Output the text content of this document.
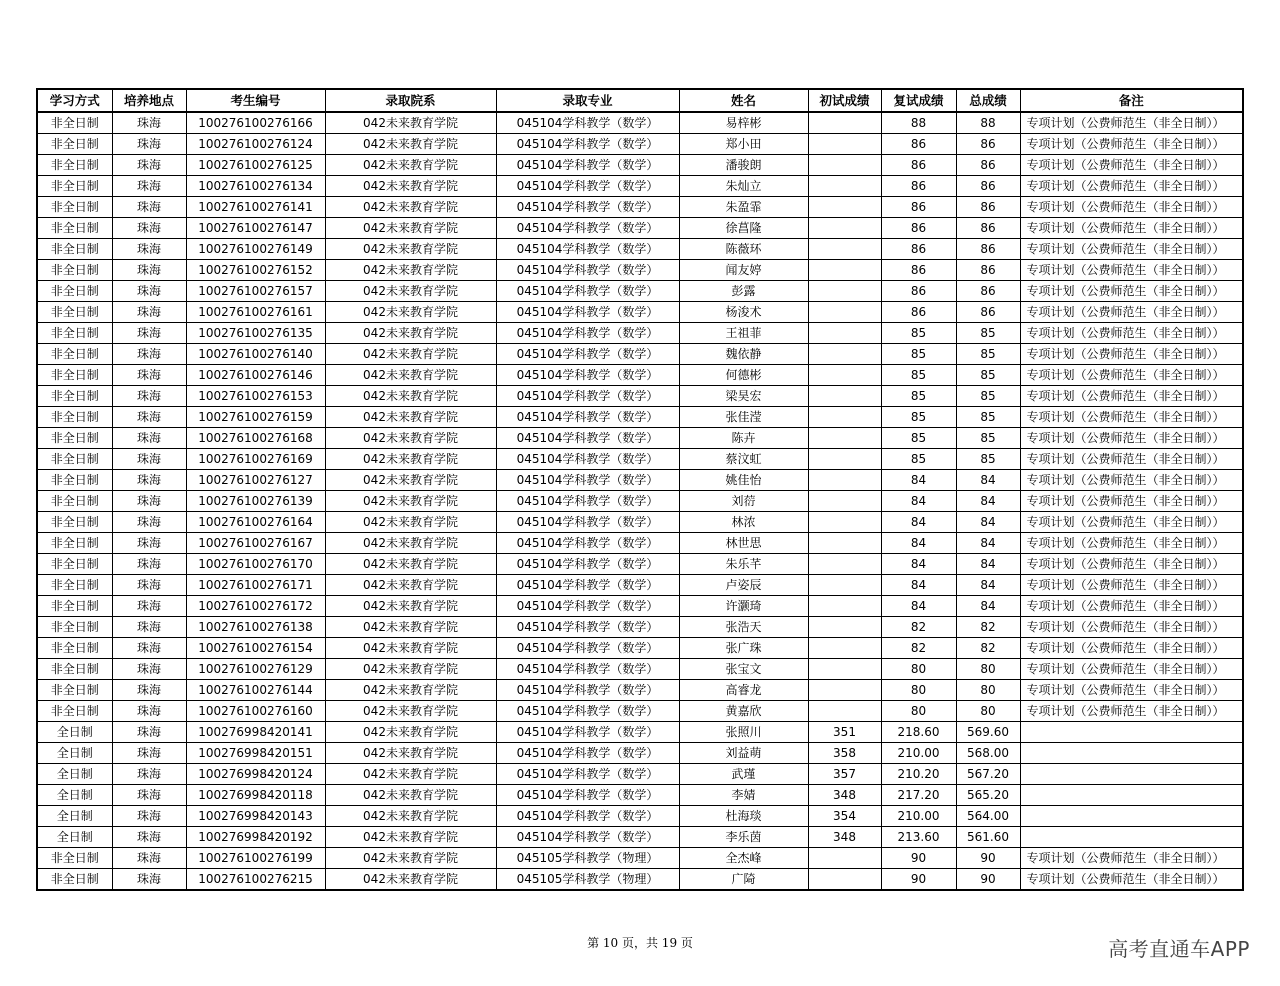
学习方式	培养地点	考生编号	录取院系	录取专业	姓名	初试成绩	复试成绩	总成绩	备注
非全日制	珠海	100276100276166	042未来教育学院	045104学科教学（数学）	易梓彬		88	88	专项计划（公费师范生（非全日制））
非全日制	珠海	100276100276124	042未来教育学院	045104学科教学（数学）	郑小田		86	86	专项计划（公费师范生（非全日制））
非全日制	珠海	100276100276125	042未来教育学院	045104学科教学（数学）	潘骏朗		86	86	专项计划（公费师范生（非全日制））
非全日制	珠海	100276100276134	042未来教育学院	045104学科教学（数学）	朱灿立		86	86	专项计划（公费师范生（非全日制））
非全日制	珠海	100276100276141	042未来教育学院	045104学科教学（数学）	朱盈霏		86	86	专项计划（公费师范生（非全日制））
非全日制	珠海	100276100276147	042未来教育学院	045104学科教学（数学）	徐菖隆		86	86	专项计划（公费师范生（非全日制））
非全日制	珠海	100276100276149	042未来教育学院	045104学科教学（数学）	陈薇环		86	86	专项计划（公费师范生（非全日制））
非全日制	珠海	100276100276152	042未来教育学院	045104学科教学（数学）	闻友婷		86	86	专项计划（公费师范生（非全日制））
非全日制	珠海	100276100276157	042未来教育学院	045104学科教学（数学）	彭露		86	86	专项计划（公费师范生（非全日制））
非全日制	珠海	100276100276161	042未来教育学院	045104学科教学（数学）	杨浚术		86	86	专项计划（公费师范生（非全日制））
非全日制	珠海	100276100276135	042未来教育学院	045104学科教学（数学）	王祖菲		85	85	专项计划（公费师范生（非全日制））
非全日制	珠海	100276100276140	042未来教育学院	045104学科教学（数学）	魏依静		85	85	专项计划（公费师范生（非全日制））
非全日制	珠海	100276100276146	042未来教育学院	045104学科教学（数学）	何德彬		85	85	专项计划（公费师范生（非全日制））
非全日制	珠海	100276100276153	042未来教育学院	045104学科教学（数学）	梁昊宏		85	85	专项计划（公费师范生（非全日制））
非全日制	珠海	100276100276159	042未来教育学院	045104学科教学（数学）	张佳滢		85	85	专项计划（公费师范生（非全日制））
非全日制	珠海	100276100276168	042未来教育学院	045104学科教学（数学）	陈卉		85	85	专项计划（公费师范生（非全日制））
非全日制	珠海	100276100276169	042未来教育学院	045104学科教学（数学）	蔡汶虹		85	85	专项计划（公费师范生（非全日制））
非全日制	珠海	100276100276127	042未来教育学院	045104学科教学（数学）	姚佳怡		84	84	专项计划（公费师范生（非全日制））
非全日制	珠海	100276100276139	042未来教育学院	045104学科教学（数学）	刘葕		84	84	专项计划（公费师范生（非全日制））
非全日制	珠海	100276100276164	042未来教育学院	045104学科教学（数学）	林浓		84	84	专项计划（公费师范生（非全日制））
非全日制	珠海	100276100276167	042未来教育学院	045104学科教学（数学）	林世思		84	84	专项计划（公费师范生（非全日制））
非全日制	珠海	100276100276170	042未来教育学院	045104学科教学（数学）	朱乐芊		84	84	专项计划（公费师范生（非全日制））
非全日制	珠海	100276100276171	042未来教育学院	045104学科教学（数学）	卢姿辰		84	84	专项计划（公费师范生（非全日制））
非全日制	珠海	100276100276172	042未来教育学院	045104学科教学（数学）	许灏琦		84	84	专项计划（公费师范生（非全日制））
非全日制	珠海	100276100276138	042未来教育学院	045104学科教学（数学）	张浩天		82	82	专项计划（公费师范生（非全日制））
非全日制	珠海	100276100276154	042未来教育学院	045104学科教学（数学）	张广珠		82	82	专项计划（公费师范生（非全日制））
非全日制	珠海	100276100276129	042未来教育学院	045104学科教学（数学）	张宝文		80	80	专项计划（公费师范生（非全日制））
非全日制	珠海	100276100276144	042未来教育学院	045104学科教学（数学）	高睿龙		80	80	专项计划（公费师范生（非全日制））
非全日制	珠海	100276100276160	042未来教育学院	045104学科教学（数学）	黄嘉欣		80	80	专项计划（公费师范生（非全日制））
全日制	珠海	100276998420141	042未来教育学院	045104学科教学（数学）	张照川	351	218.60	569.60	
全日制	珠海	100276998420151	042未来教育学院	045104学科教学（数学）	刘益萌	358	210.00	568.00	
全日制	珠海	100276998420124	042未来教育学院	045104学科教学（数学）	武瑾	357	210.20	567.20	
全日制	珠海	100276998420118	042未来教育学院	045104学科教学（数学）	李婧	348	217.20	565.20	
全日制	珠海	100276998420143	042未来教育学院	045104学科教学（数学）	杜海琰	354	210.00	564.00	
全日制	珠海	100276998420192	042未来教育学院	045104学科教学（数学）	李乐茵	348	213.60	561.60	
非全日制	珠海	100276100276199	042未来教育学院	045105学科教学（物理）	全杰峰		90	90	专项计划（公费师范生（非全日制））
非全日制	珠海	100276100276215	042未来教育学院	045105学科教学（物理）	广陭		90	90	专项计划（公费师范生（非全日制））
第 10 页，共 19 页	高考直通车APP
